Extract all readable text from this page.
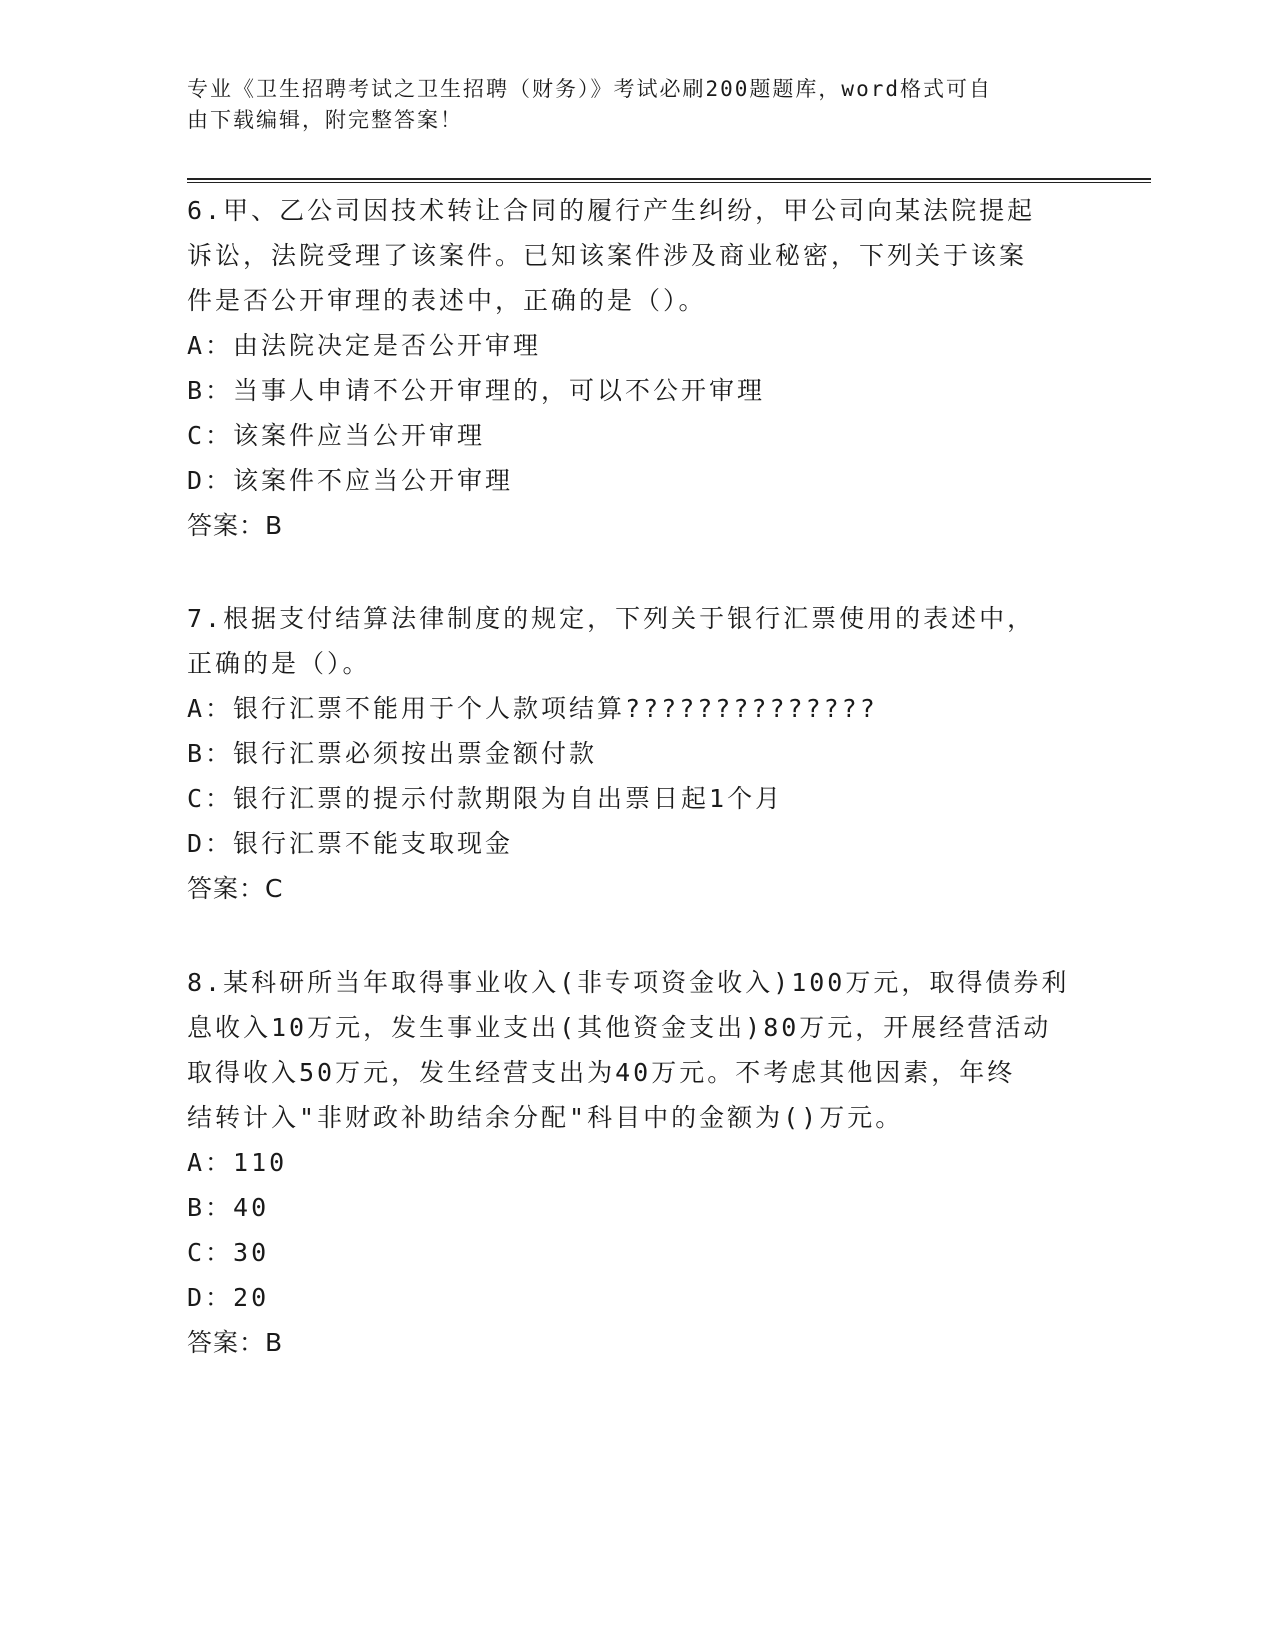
专业《卫生招聘考试之卫生招聘（财务）》考试必刷200题题库，word格式可自
由下载编辑，附完整答案！

6.甲、乙公司因技术转让合同的履行产生纠纷，甲公司向某法院提起

诉讼，法院受理了该案件。已知该案件涉及商业秘密，下列关于该案

件是否公开审理的表述中，正确的是（）。

A：由法院决定是否公开审理

B：当事人申请不公开审理的，可以不公开审理

C：该案件应当公开审理

D：该案件不应当公开审理

答案：B

7.根据支付结算法律制度的规定，下列关于银行汇票使用的表述中，

正确的是（）。

A：银行汇票不能用于个人款项结算??????????????

B：银行汇票必须按出票金额付款

C：银行汇票的提示付款期限为自出票日起1个月

D：银行汇票不能支取现金

答案：C

8.某科研所当年取得事业收入(非专项资金收入)100万元，取得债券利

息收入10万元，发生事业支出(其他资金支出)80万元，开展经营活动

取得收入50万元，发生经营支出为40万元。不考虑其他因素，年终

结转计入"非财政补助结余分配"科目中的金额为()万元。

A：110

B：40

C：30

D：20

答案：B
